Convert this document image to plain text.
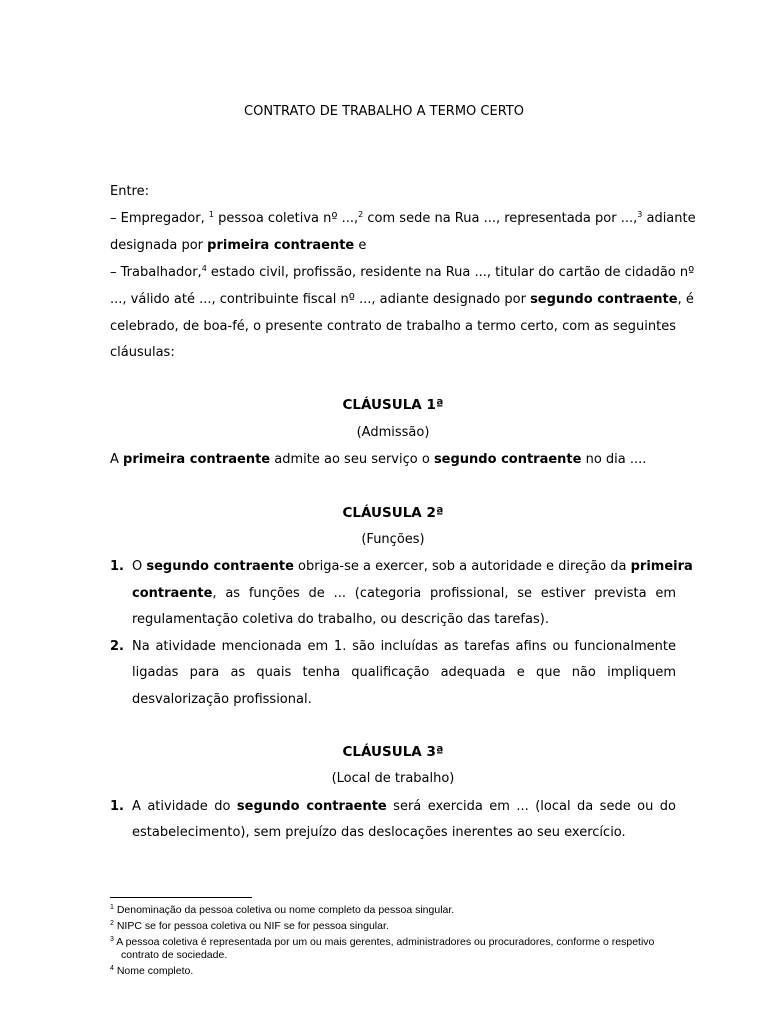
CONTRATO DE TRABALHO A TERMO CERTO
Entre:
– Empregador, $^1$ pessoa coletiva nº ...,$^2$ com sede na Rua ..., representada por ...,$^3$ adiante
designada por primeira contraente e
– Trabalhador,$^4$ estado civil, profissão, residente na Rua ..., titular do cartão de cidadão nº
..., válido até ..., contribuinte fiscal nº ..., adiante designado por segundo contraente, é
celebrado, de boa-fé, o presente contrato de trabalho a termo certo, com as seguintes
cláusulas:
CLÁUSULA 1ª
(Admissão)
A primeira contraente admite ao seu serviço o segundo contraente no dia ....
CLÁUSULA 2ª
(Funções)
1. O segundo contraente obriga-se a exercer, sob a autoridade e direção da primeira
contraente, as funções de ... (categoria profissional, se estiver prevista em
regulamentação coletiva do trabalho, ou descrição das tarefas).
2. Na atividade mencionada em 1. são incluídas as tarefas afins ou funcionalmente
ligadas para as quais tenha qualificação adequada e que não impliquem
desvalorização profissional.
CLÁUSULA 3ª
(Local de trabalho)
1. A atividade do segundo contraente será exercida em ... (local da sede ou do
estabelecimento), sem prejuízo das deslocações inerentes ao seu exercício.
$^1$ Denominação da pessoa coletiva ou nome completo da pessoa singular.
$^2$ NIPC se for pessoa coletiva ou NIF se for pessoa singular.
$^3$ A pessoa coletiva é representada por um ou mais gerentes, administradores ou procuradores, conforme o respetivo
contrato de sociedade.
$^4$ Nome completo.
